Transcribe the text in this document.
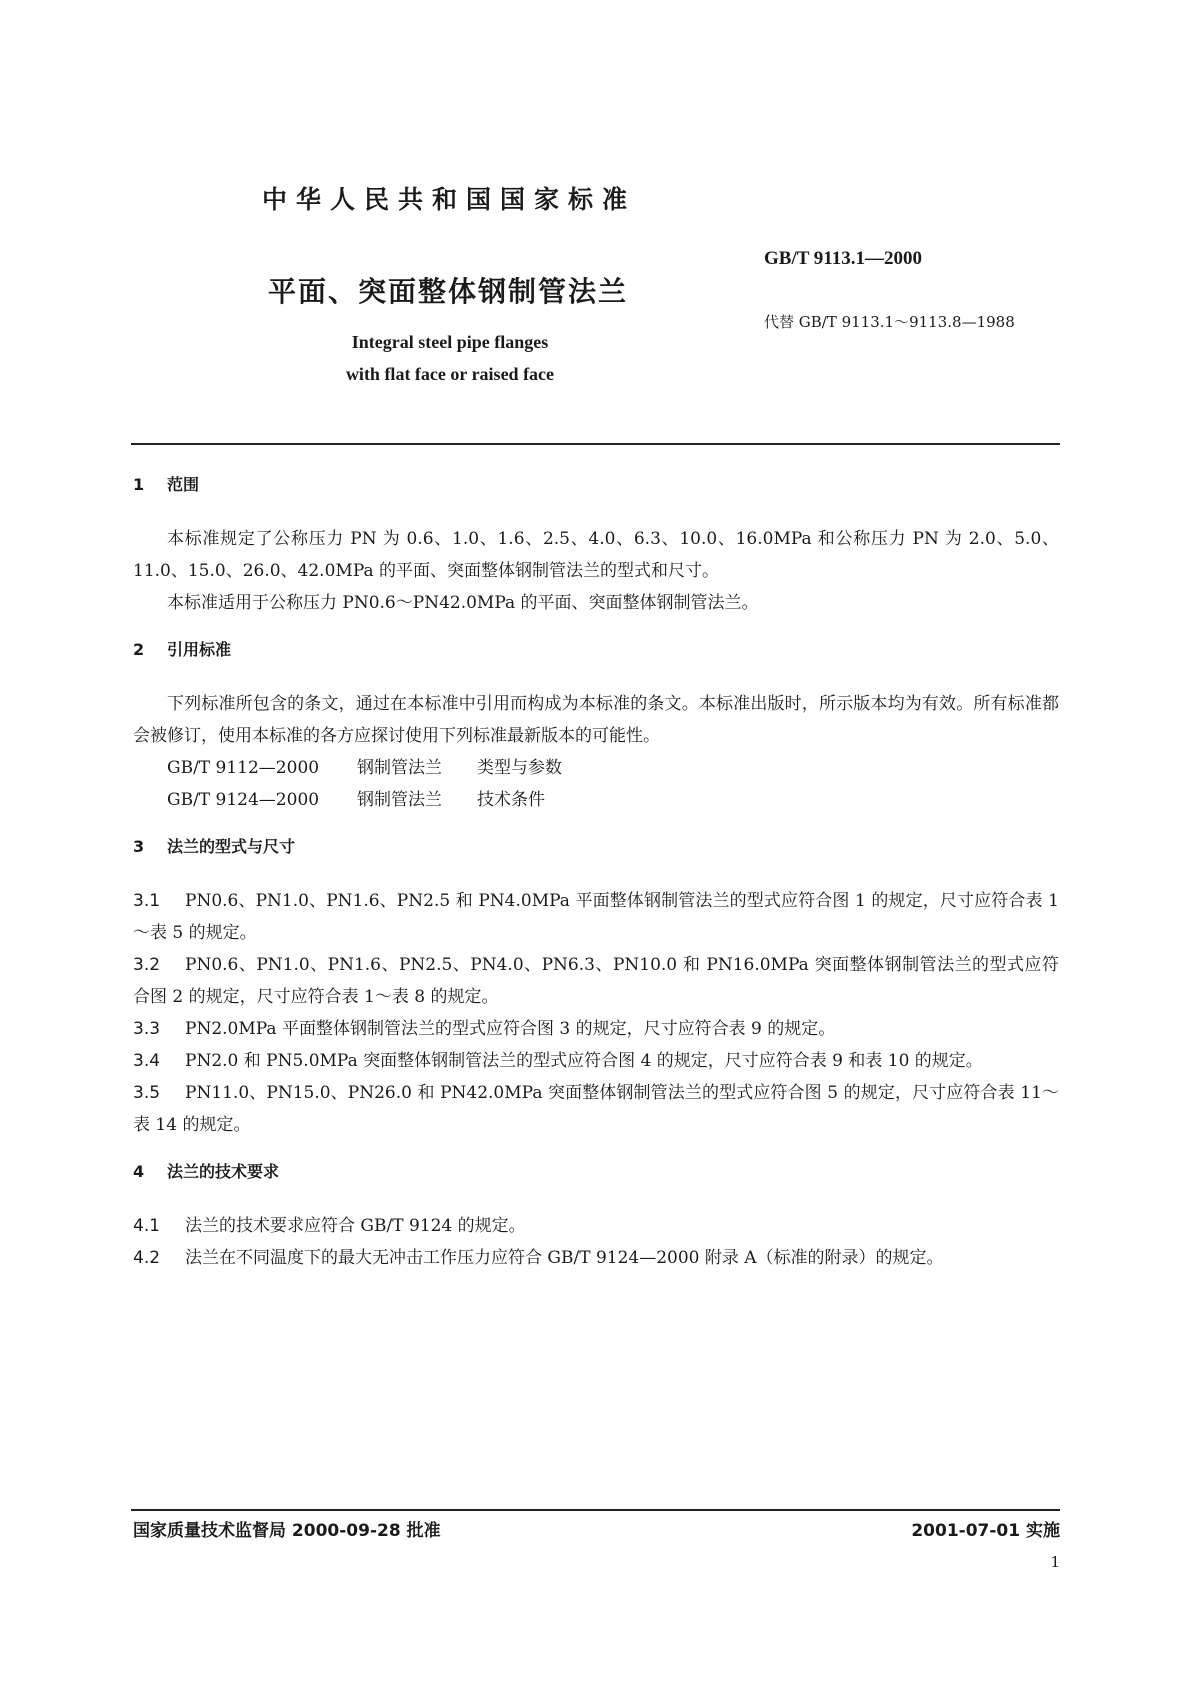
中华人民共和国国家标准
GB/T 9113.1—2000
代替 GB/T 9113.1～9113.8—1988
平面、突面整体钢制管法兰
Integral steel pipe flanges
with flat face or raised face
1 范围

本标准规定了公称压力 PN 为 0.6、1.0、1.6、2.5、4.0、6.3、10.0、16.0MPa 和公称压力 PN 为 2.0、5.0、11.0、15.0、26.0、42.0MPa 的平面、突面整体钢制管法兰的型式和尺寸。

本标准适用于公称压力 PN0.6～PN42.0MPa 的平面、突面整体钢制管法兰。

2 引用标准

下列标准所包含的条文，通过在本标准中引用而构成为本标准的条文。本标准出版时，所示版本均为有效。所有标准都会被修订，使用本标准的各方应探讨使用下列标准最新版本的可能性。

GB/T 9112—2000 钢制管法兰 类型与参数
GB/T 9124—2000 钢制管法兰 技术条件
3 法兰的型式与尺寸

3.1 PN0.6、PN1.0、PN1.6、PN2.5 和 PN4.0MPa 平面整体钢制管法兰的型式应符合图 1 的规定，尺寸应符合表 1～表 5 的规定。

3.2 PN0.6、PN1.0、PN1.6、PN2.5、PN4.0、PN6.3、PN10.0 和 PN16.0MPa 突面整体钢制管法兰的型式应符合图 2 的规定，尺寸应符合表 1～表 8 的规定。

3.3 PN2.0MPa 平面整体钢制管法兰的型式应符合图 3 的规定，尺寸应符合表 9 的规定。

3.4 PN2.0 和 PN5.0MPa 突面整体钢制管法兰的型式应符合图 4 的规定，尺寸应符合表 9 和表 10 的规定。

3.5 PN11.0、PN15.0、PN26.0 和 PN42.0MPa 突面整体钢制管法兰的型式应符合图 5 的规定，尺寸应符合表 11～表 14 的规定。

4 法兰的技术要求

4.1 法兰的技术要求应符合 GB/T 9124 的规定。

4.2 法兰在不同温度下的最大无冲击工作压力应符合 GB/T 9124—2000 附录 A（标准的附录）的规定。

国家质量技术监督局 2000-09-28 批准	2001-07-01 实施
1
